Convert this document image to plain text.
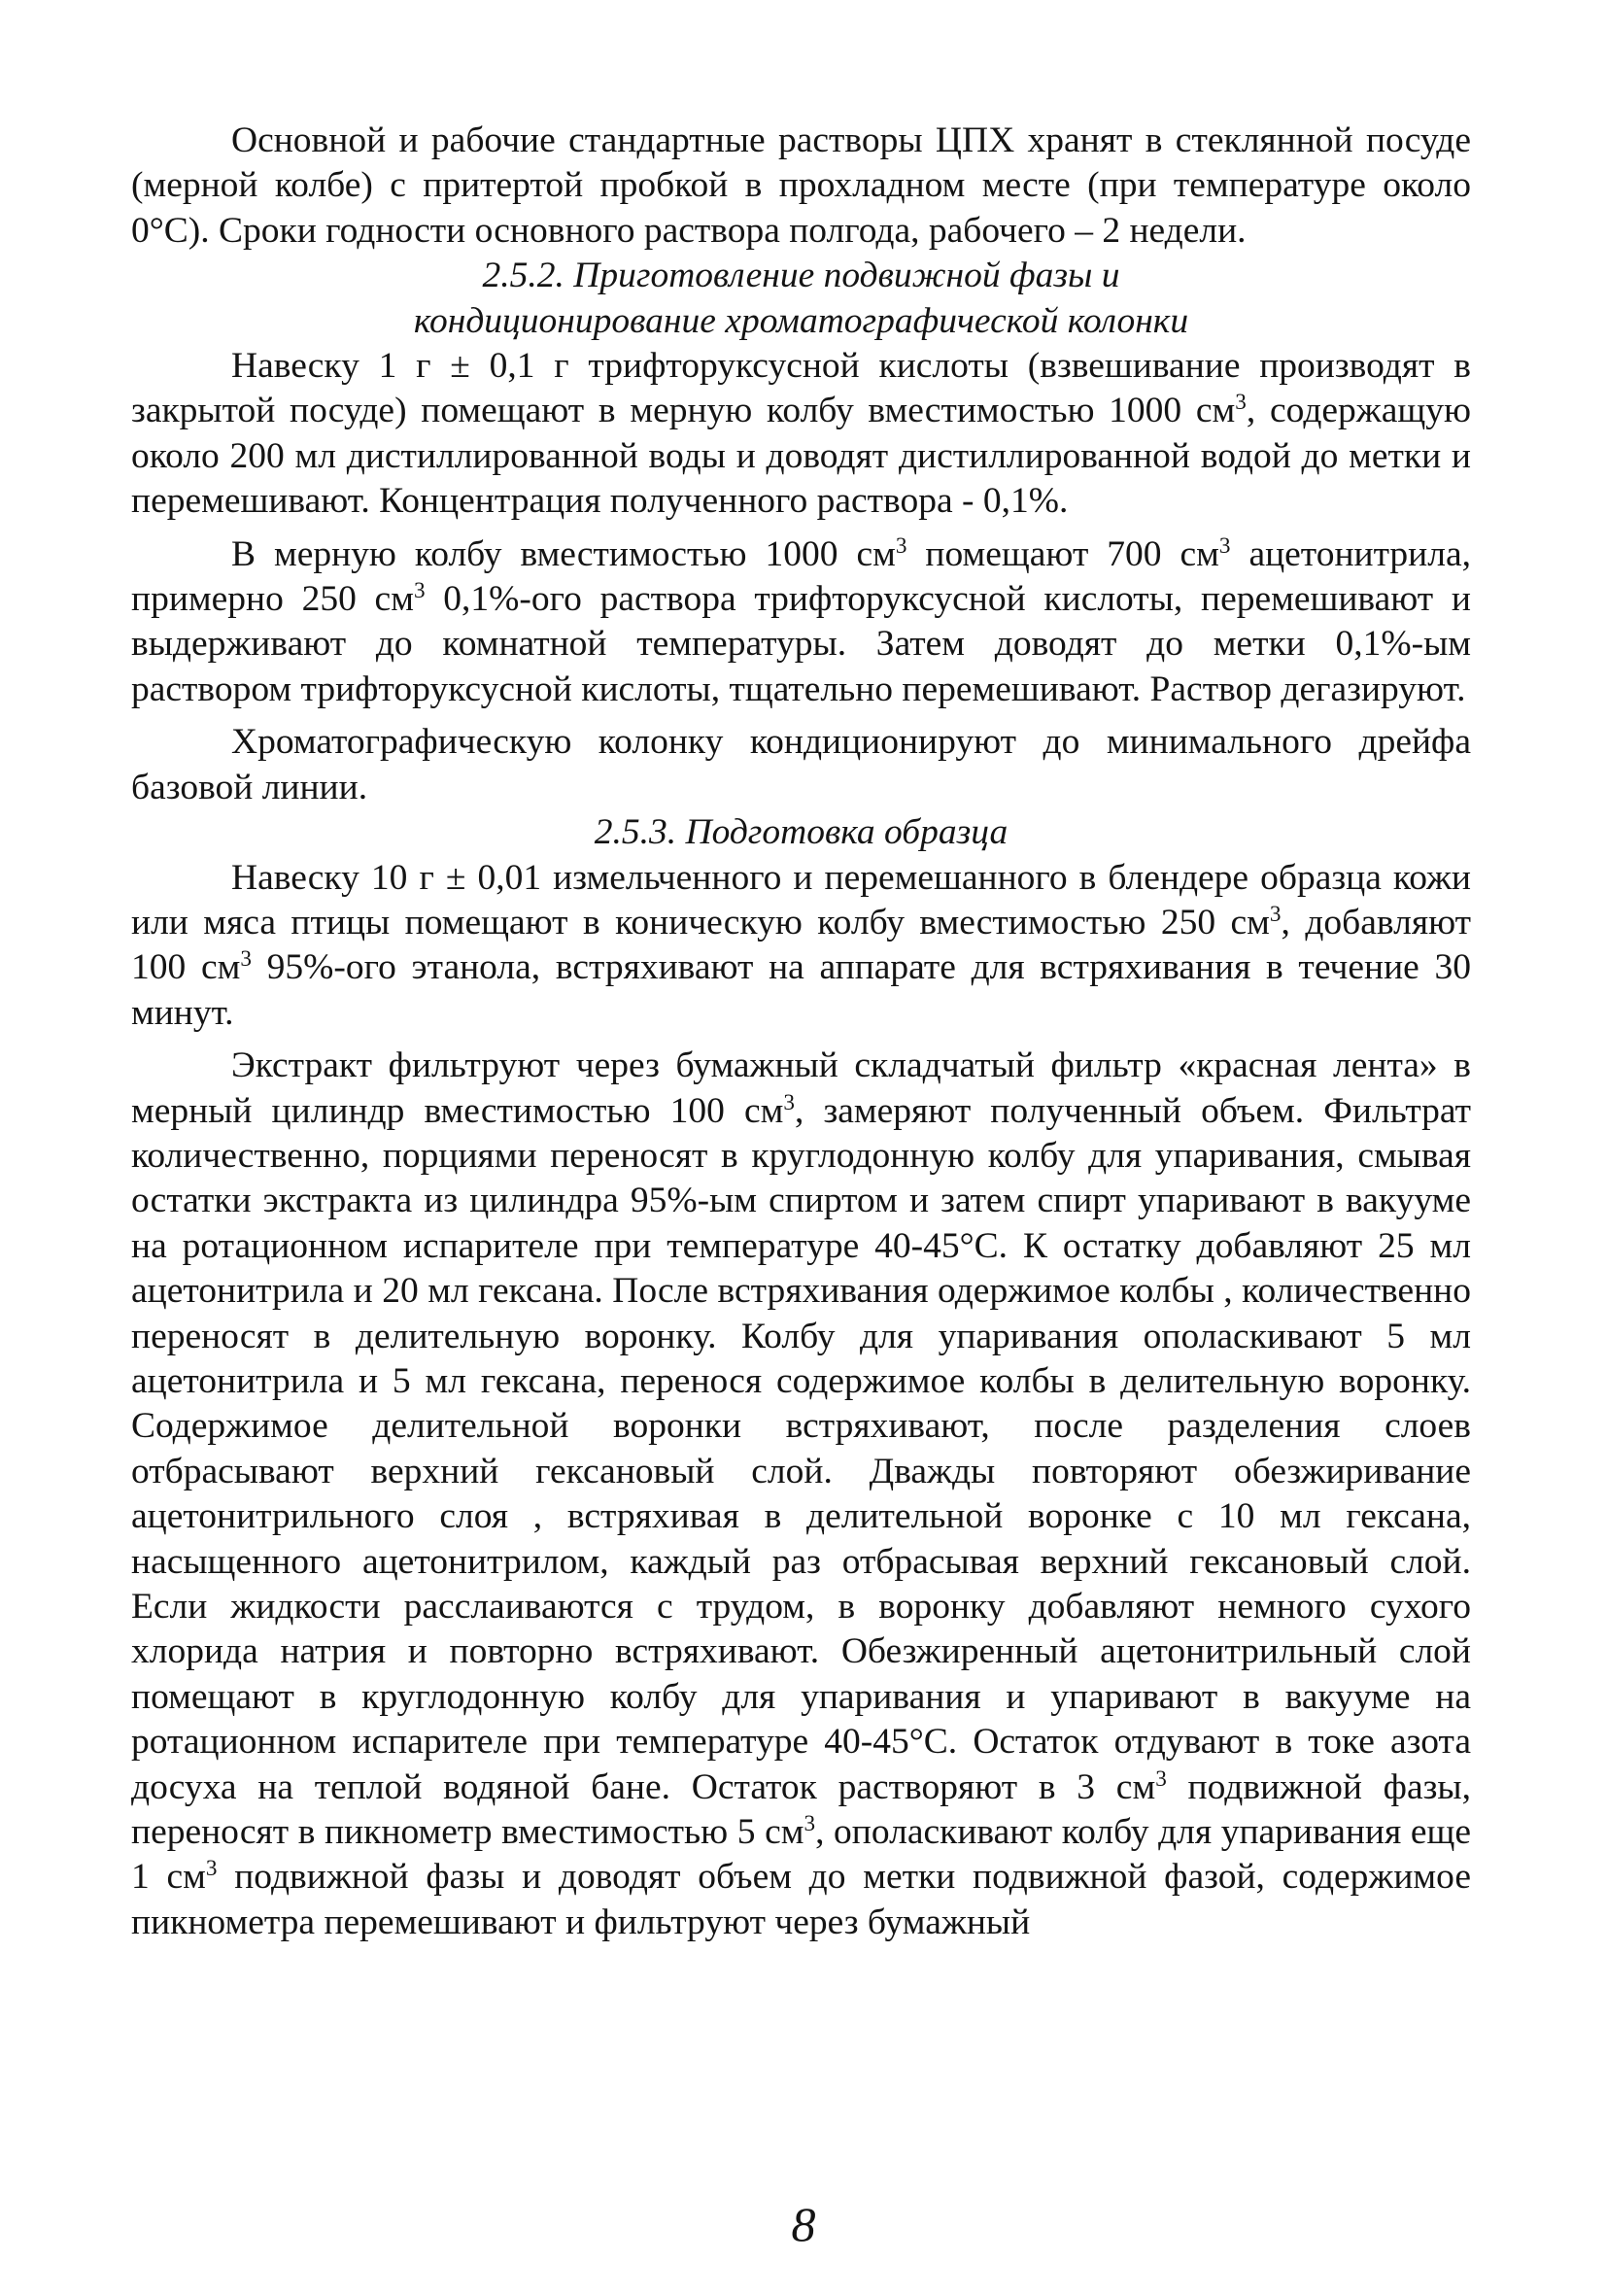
Основной и рабочие стандартные растворы ЦПХ хранят в стеклянной посуде (мерной колбе) с притертой пробкой в прохладном месте (при температуре около 0°С). Сроки годности основного раствора полгода, рабочего – 2 недели.

2.5.2. Приготовление подвижной фазы и
кондиционирование хроматографической колонки

Навеску 1 г ± 0,1 г трифторуксусной кислоты (взвешивание производят в закрытой посуде) помещают в мерную колбу вместимостью 1000 $см^3$, содержащую около 200 мл дистиллированной воды и доводят дистиллированной водой до метки и перемешивают. Концентрация полученного раствора - 0,1%.

В мерную колбу вместимостью 1000 $см^3$ помещают 700 $см^3$ ацетонитрила, примерно 250 $см^3$ 0,1%-ого раствора трифторуксусной кислоты, перемешивают и выдерживают до комнатной температуры. Затем доводят до метки 0,1%-ым раствором трифторуксусной кислоты, тщательно перемешивают. Раствор дегазируют.

Хроматографическую колонку кондиционируют до минимального дрейфа базовой линии.

2.5.3. Подготовка образца

Навеску 10 г ± 0,01 измельченного и перемешанного в блендере образца кожи или мяса птицы помещают в коническую колбу вместимостью 250 $см^3$, добавляют 100 $см^3$ 95%-ого этанола, встряхивают на аппарате для встряхивания в течение 30 минут.

Экстракт фильтруют через бумажный складчатый фильтр «красная лента» в мерный цилиндр вместимостью 100 $см^3$, замеряют полученный объем. Фильтрат количественно, порциями переносят в круглодонную колбу для упаривания, смывая остатки экстракта из цилиндра 95%-ым спиртом и затем спирт упаривают в вакууме на ротационном испарителе при температуре 40-45°С. К остатку добавляют 25 мл ацетонитрила и 20 мл гексана. После встряхивания одержимое колбы , количественно переносят в делительную воронку. Колбу для упаривания ополаскивают 5 мл ацетонитрила и 5 мл гексана, перенося содержимое колбы в делительную воронку. Содержимое делительной воронки встряхивают, после разделения слоев отбрасывают верхний гексановый слой. Дважды повторяют обезжиривание ацетонитрильного слоя , встряхивая в делительной воронке с 10 мл гексана, насыщенного ацетонитрилом, каждый раз отбрасывая верхний гексановый слой. Если жидкости расслаиваются с трудом, в воронку добавляют немного сухого хлорида натрия и повторно встряхивают. Обезжиренный ацетонитрильный слой помещают в круглодонную колбу для упаривания и упаривают в вакууме на ротационном испарителе при температуре 40-45°С. Остаток отдувают в токе азота досуха на теплой водяной бане. Остаток растворяют в 3 $см^3$ подвижной фазы, переносят в пикнометр вместимостью 5 $см^3$, ополаскивают колбу для упаривания еще 1 $см^3$ подвижной фазы и доводят объем до метки подвижной фазой, содержимое пикнометра перемешивают и фильтруют через бумажный

8
